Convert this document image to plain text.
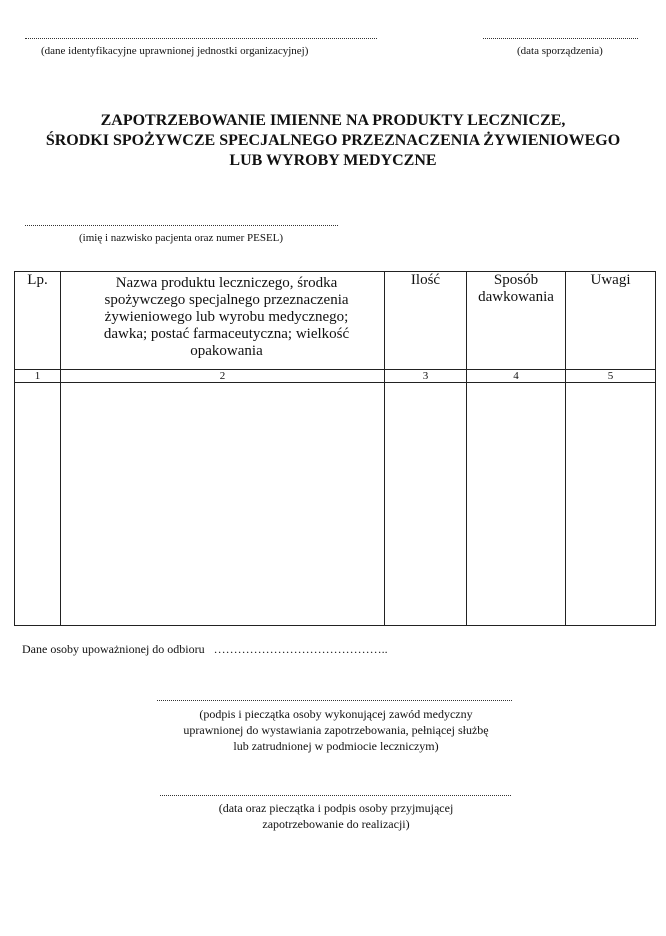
(dane identyfikacyjne uprawnionej jednostki organizacyjnej)	(data sporządzenia)
ZAPOTRZEBOWANIE IMIENNE NA PRODUKTY LECZNICZE,
ŚRODKI SPOŻYWCZE SPECJALNEGO PRZEZNACZENIA ŻYWIENIOWEGO
LUB WYROBY MEDYCZNE
(imię i nazwisko pacjenta oraz numer PESEL)
Lp.	Nazwa produktu leczniczego, środka spożywczego specjalnego przeznaczenia żywieniowego lub wyrobu medycznego; dawka; postać farmaceutyczna; wielkość opakowania	Ilość	Sposób dawkowania	Uwagi
1	2	3	4	5

Dane osoby upoważnionej do odbioru ……………………………………..
(podpis i pieczątka osoby wykonującej zawód medyczny
uprawnionej do wystawiania zapotrzebowania, pełniącej służbę
lub zatrudnionej w podmiocie leczniczym)
(data oraz pieczątka i podpis osoby przyjmującej
zapotrzebowanie do realizacji)
